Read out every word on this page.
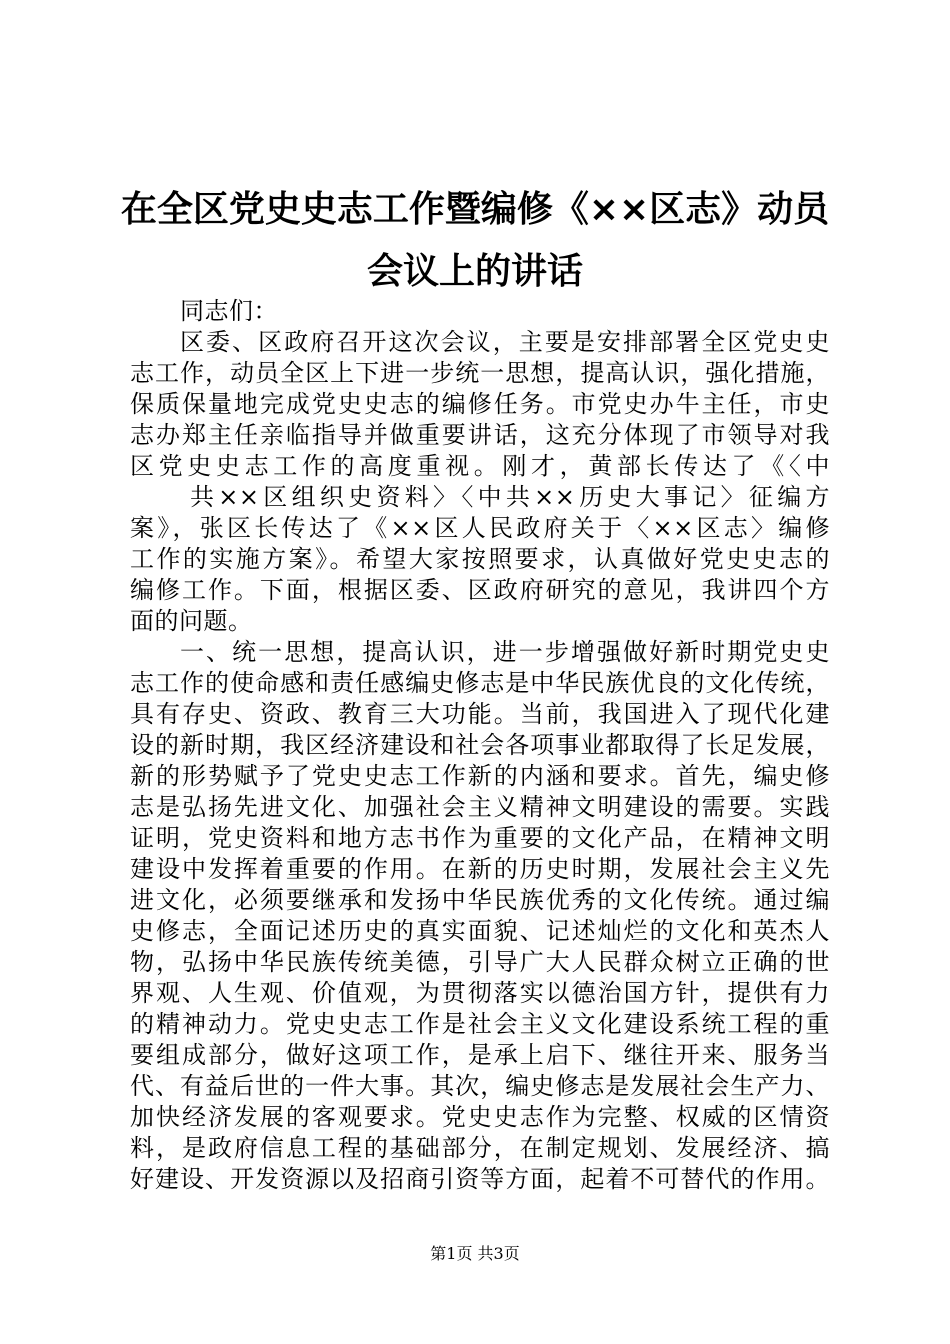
在全区党史史志工作暨编修《××区志》动员
会议上的讲话
同志们：
区委、区政府召开这次会议，主要是安排部署全区党史史
志工作，动员全区上下进一步统一思想，提高认识，强化措施，
保质保量地完成党史史志的编修任务。市党史办牛主任，市史
志办郑主任亲临指导并做重要讲话，这充分体现了市领导对我
区党史史志工作的高度重视。刚才，黄部长传达了《〈中
共××区组织史资料〉〈中共××历史大事记〉征编方
案》，张区长传达了《××区人民政府关于〈××区志〉编修
工作的实施方案》。希望大家按照要求，认真做好党史史志的
编修工作。下面，根据区委、区政府研究的意见，我讲四个方
面的问题。
一、统一思想，提高认识，进一步增强做好新时期党史史
志工作的使命感和责任感编史修志是中华民族优良的文化传统，
具有存史、资政、教育三大功能。当前，我国进入了现代化建
设的新时期，我区经济建设和社会各项事业都取得了长足发展，
新的形势赋予了党史史志工作新的内涵和要求。首先，编史修
志是弘扬先进文化、加强社会主义精神文明建设的需要。实践
证明，党史资料和地方志书作为重要的文化产品，在精神文明
建设中发挥着重要的作用。在新的历史时期，发展社会主义先
进文化，必须要继承和发扬中华民族优秀的文化传统。通过编
史修志，全面记述历史的真实面貌、记述灿烂的文化和英杰人
物，弘扬中华民族传统美德，引导广大人民群众树立正确的世
界观、人生观、价值观，为贯彻落实以德治国方针，提供有力
的精神动力。党史史志工作是社会主义文化建设系统工程的重
要组成部分，做好这项工作，是承上启下、继往开来、服务当
代、有益后世的一件大事。其次，编史修志是发展社会生产力、
加快经济发展的客观要求。党史史志作为完整、权威的区情资
料，是政府信息工程的基础部分，在制定规划、发展经济、搞
好建设、开发资源以及招商引资等方面，起着不可替代的作用。
第1页 共3页
